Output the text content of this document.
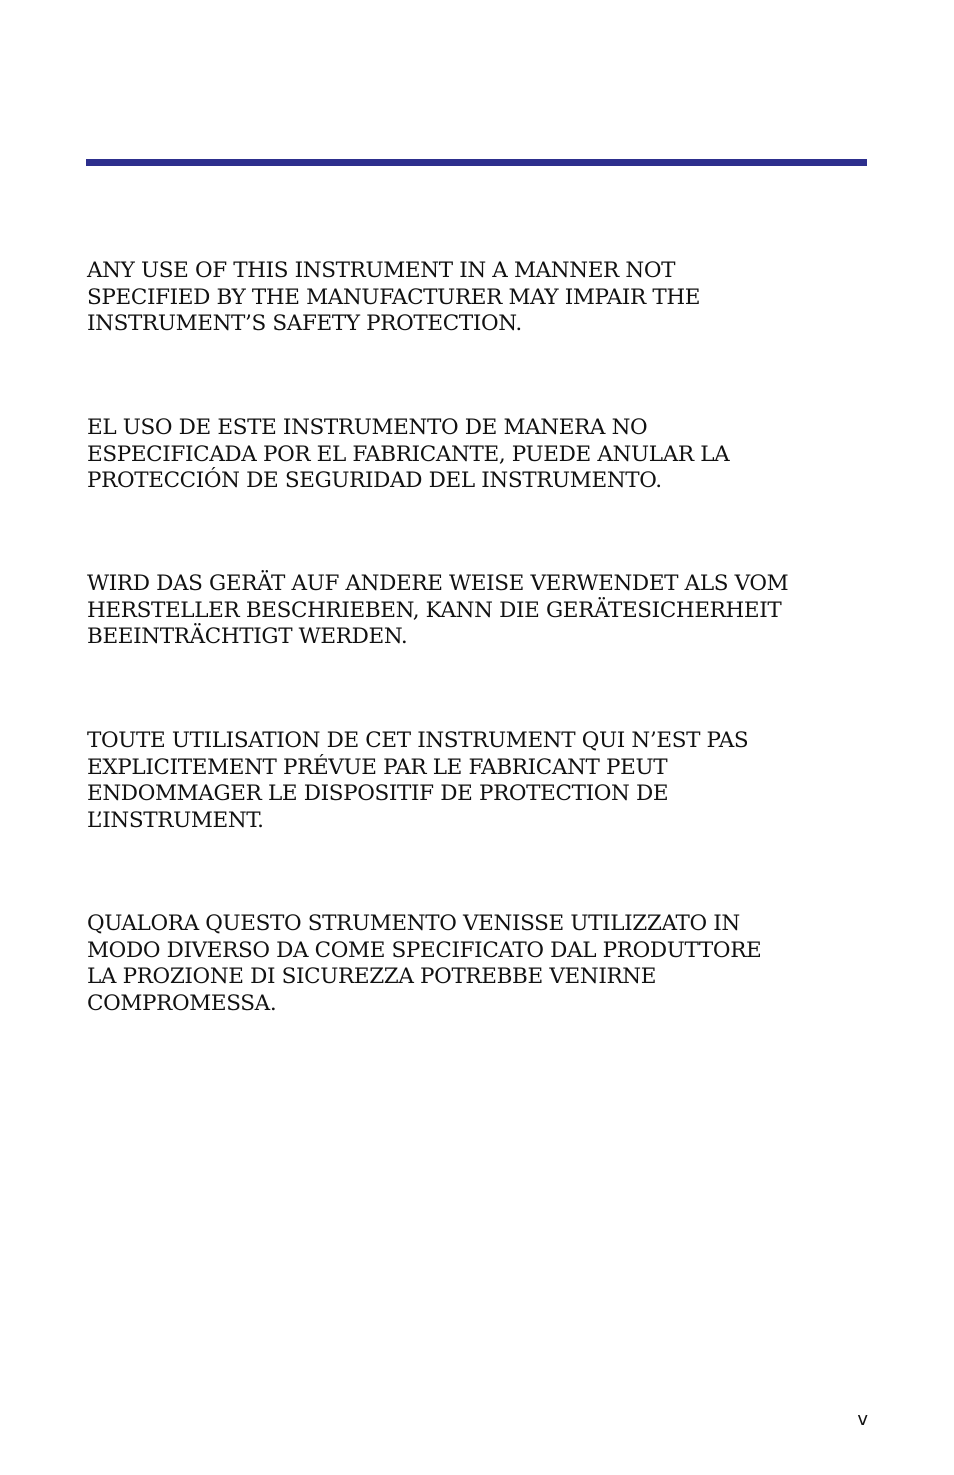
ANY USE OF THIS INSTRUMENT IN A MANNER NOT
SPECIFIED BY THE MANUFACTURER MAY IMPAIR THE
INSTRUMENT’S SAFETY PROTECTION.

EL USO DE ESTE INSTRUMENTO DE MANERA NO
ESPECIFICADA POR EL FABRICANTE, PUEDE ANULAR LA
PROTECCIÓN DE SEGURIDAD DEL INSTRUMENTO.

WIRD DAS GERÄT AUF ANDERE WEISE VERWENDET ALS VOM
HERSTELLER BESCHRIEBEN, KANN DIE GERÄTESICHERHEIT
BEEINTRÄCHTIGT WERDEN.

TOUTE UTILISATION DE CET INSTRUMENT QUI N’EST PAS
EXPLICITEMENT PRÉVUE PAR LE FABRICANT PEUT
ENDOMMAGER LE DISPOSITIF DE PROTECTION DE
L’INSTRUMENT.

QUALORA QUESTO STRUMENTO VENISSE UTILIZZATO IN
MODO DIVERSO DA COME SPECIFICATO DAL PRODUTTORE
LA PROZIONE DI SICUREZZA POTREBBE VENIRNE
COMPROMESSA.

v
